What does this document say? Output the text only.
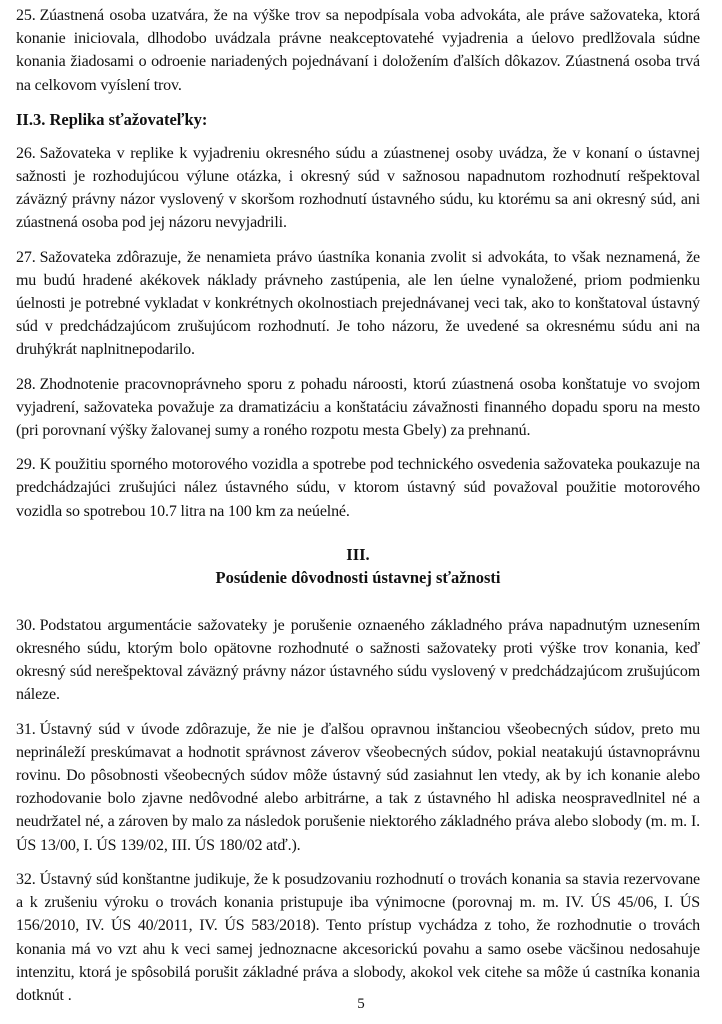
25. Zúastnená osoba uzatvára, že na výške trov sa nepodpísala voba advokáta, ale práve sažovateka, ktorá konanie iniciovala, dlhodobo uvádzala právne neakceptovatehé vyjadrenia a úelovo predlžovala súdne konania žiadosami o odroenie nariadených pojednávaní i doložením ďalších dôkazov. Zúastnená osoba trvá na celkovom vyíslení trov.

II.3. Replika sťažovateľky:

26. Sažovateka v replike k vyjadreniu okresného súdu a zúastnenej osoby uvádza, že v konaní o ústavnej sažnosti je rozhodujúcou výlune otázka, i okresný súd v sažnosou napadnutom rozhodnutí rešpektoval záväzný právny názor vyslovený v skoršom rozhodnutí ústavného súdu, ku ktorému sa ani okresný súd, ani zúastnená osoba pod jej názoru nevyjadrili.

27. Sažovateka zdôrazuje, že nenamieta právo úastníka konania zvolit si advokáta, to však neznamená, že mu budú hradené akékovek náklady právneho zastúpenia, ale len úelne vynaložené, priom podmienku úelnosti je potrebné vykladat v konkrétnych okolnostiach prejednávanej veci tak, ako to konštatoval ústavný súd v predchádzajúcom zrušujúcom rozhodnutí. Je toho názoru, že uvedené sa okresnému súdu ani na druhýkrát naplnitnepodarilo.

28. Zhodnotenie pracovnoprávneho sporu z pohadu nároosti, ktorú zúastnená osoba konštatuje vo svojom vyjadrení, sažovateka považuje za dramatizáciu a konštatáciu závažnosti finanného dopadu sporu na mesto (pri porovnaní výšky žalovanej sumy a roného rozpotu mesta Gbely) za prehnanú.

29. K použitiu sporného motorového vozidla a spotrebe pod technického osvedenia sažovateka poukazuje na predchádzajúci zrušujúci nález ústavného súdu, v ktorom ústavný súd považoval použitie motorového vozidla so spotrebou 10.7 litra na 100 km za neúelné.

III.
Posúdenie dôvodnosti ústavnej sťažnosti

30. Podstatou argumentácie sažovateky je porušenie oznaeného základného práva napadnutým uznesením okresného súdu, ktorým bolo opätovne rozhodnuté o sažnosti sažovateky proti výške trov konania, keď okresný súd nerešpektoval záväzný právny názor ústavného súdu vyslovený v predchádzajúcom zrušujúcom náleze.

31. Ústavný súd v úvode zdôrazuje, že nie je ďalšou opravnou inštanciou všeobecných súdov, preto mu neprináleží preskúmavat a hodnotit správnost záverov všeobecných súdov, pokial neatakujú ústavnoprávnu rovinu. Do pôsobnosti všeobecných súdov môže ústavný súd zasiahnut len vtedy, ak by ich konanie alebo rozhodovanie bolo zjavne nedôvodné alebo arbitrárne, a tak z ústavného hl adiska neospravedlnitel né a neudržatel né, a zároven by malo za následok porušenie niektorého základného práva alebo slobody (m. m. I. ÚS 13/00, I. ÚS 139/02, III. ÚS 180/02 atď.).

32. Ústavný súd konštantne judikuje, že k posudzovaniu rozhodnutí o trovách konania sa stavia rezervovane a k zrušeniu výroku o trovách konania pristupuje iba výnimocne (porovnaj m. m. IV. ÚS 45/06, I. ÚS 156/2010, IV. ÚS 40/2011, IV. ÚS 583/2018). Tento prístup vychádza z toho, že rozhodnutie o trovách konania má vo vzt ahu k veci samej jednoznacne akcesorickú povahu a samo osebe väcšinou nedosahuje intenzitu, ktorá je spôsobilá porušit základné práva a slobody, akokol vek citehe sa môže ú castníka konania dotknút .

5
